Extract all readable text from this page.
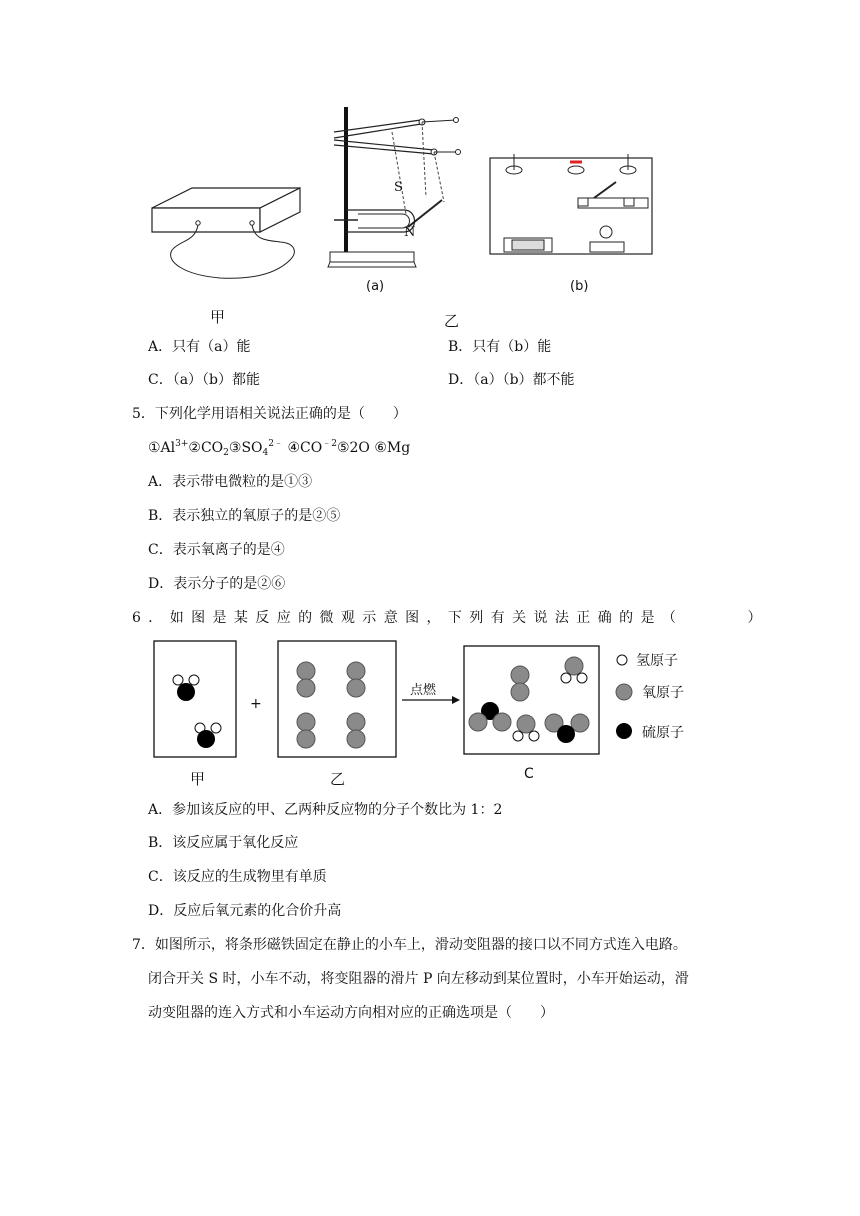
甲
S
N
(a)	(b)
乙
A．只有（a）能	B．只有（b）能
C．（a）（b）都能	D．（a）（b）都不能
5．下列化学用语相关说法正确的是（　　）
$①Al^{3+}②CO_2③SO_4^{2﹣}$ $④CO^{﹣2}⑤2O$ ⑥Mg
A．表示带电微粒的是①③
B．表示独立的氧原子的是②⑤
C．表示氧离子的是④
D．表示分子的是②⑥
6．如图是某反应的微观示意图，下列有关说法正确的是（　　　）
+
点燃
氢原子
氧原子
硫原子
甲	乙	C
A．参加该反应的甲、乙两种反应物的分子个数比为 1：2
B．该反应属于氧化反应
C．该反应的生成物里有单质
D．反应后氧元素的化合价升高
7．如图所示，将条形磁铁固定在静止的小车上，滑动变阻器的接口以不同方式连入电路。
闭合开关 S 时，小车不动，将变阻器的滑片 P 向左移动到某位置时，小车开始运动，滑
动变阻器的连入方式和小车运动方向相对应的正确选项是（　　）
